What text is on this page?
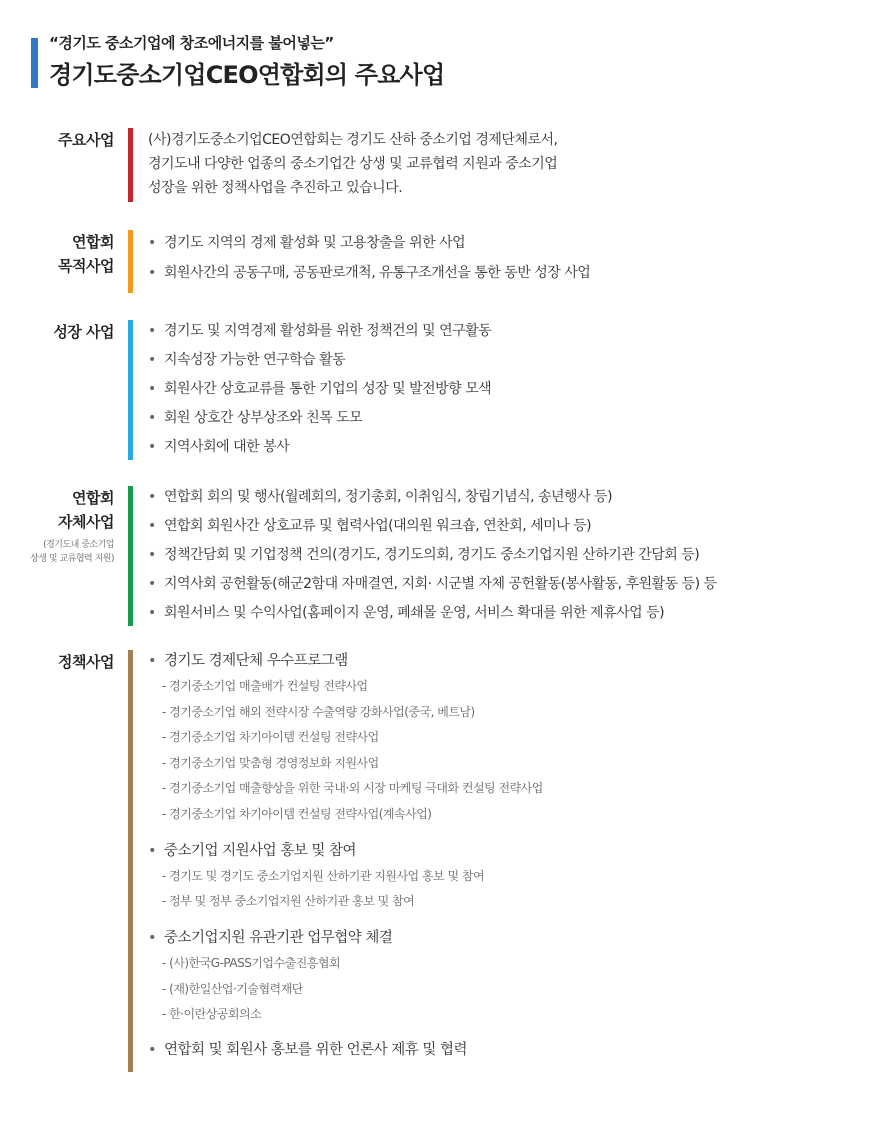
“경기도 중소기업에 창조에너지를 불어넣는”
경기도중소기업CEO연합회의 주요사업
주요사업 (사)경기도중소기업CEO연합회는 경기도 산하 중소기업 경제단체로서,
경기도내 다양한 업종의 중소기업간 상생 및 교류협력 지원과 중소기업
성장을 위한 정책사업을 추진하고 있습니다.
연합회
목적사업
• 경기도 지역의 경제 활성화 및 고용창출을 위한 사업
• 회원사간의 공동구매, 공동판로개척, 유통구조개선을 통한 동반 성장 사업
성장 사업	• 경기도 및 지역경제 활성화를 위한 정책건의 및 연구활동
• 지속성장 가능한 연구학습 활동
• 회원사간 상호교류를 통한 기업의 성장 및 발전방향 모색
• 회원 상호간 상부상조와 친목 도모
• 지역사회에 대한 봉사
연합회
자체사업
(경기도내 중소기업
상생 및 교류협력 지원)
• 연합회 회의 및 행사(월례회의, 정기총회, 이취임식, 창립기념식, 송년행사 등)
• 연합회 회원사간 상호교류 및 협력사업(대의원 워크숍, 연찬회, 세미나 등)
• 정책간담회 및 기업정책 건의(경기도, 경기도의회, 경기도 중소기업지원 산하기관 간담회 등)
• 지역사회 공헌활동(해군2함대 자매결연, 지회· 시군별 자체 공헌활동(봉사활동, 후원활동 등) 등
• 회원서비스 및 수익사업(홈페이지 운영, 폐쇄몰 운영, 서비스 확대를 위한 제휴사업 등)
정책사업	• 경기도 경제단체 우수프로그램
- 경기중소기업 매출배가 컨설팅 전략사업
- 경기중소기업 해외 전략시장 수출역량 강화사업(중국, 베트남)
- 경기중소기업 차기아이템 컨설팅 전략사업
- 경기중소기업 맞춤형 경영정보화 지원사업
- 경기중소기업 매출향상을 위한 국내·외 시장 마케팅 극대화 컨설팅 전략사업
- 경기중소기업 차기아이템 컨설팅 전략사업(계속사업)
• 중소기업 지원사업 홍보 및 참여
- 경기도 및 경기도 중소기업지원 산하기관 지원사업 홍보 및 참여
- 정부 및 정부 중소기업지원 산하기관 홍보 및 참여
• 중소기업지원 유관기관 업무협약 체결
- (사)한국G-PASS기업수출진흥협회
- (재)한일산업·기술협력재단
- 한·이란상공회의소
• 연합회 및 회원사 홍보를 위한 언론사 제휴 및 협력
